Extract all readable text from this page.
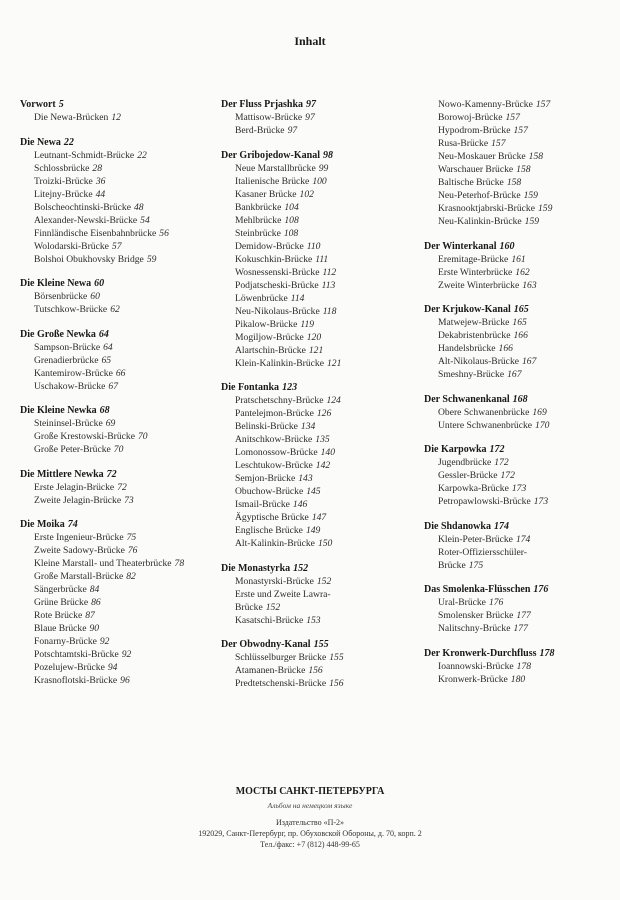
Inhalt
Vorwort 5
Die Newa-Brücken 12
Die Newa 22
Leutnant-Schmidt-Brücke 22
Schlossbrücke 28
Troizki-Brücke 36
Litejny-Brücke 44
Bolscheochtinski-Brücke 48
Alexander-Newski-Brücke 54
Finnländische Eisenbahnbrücke 56
Wolodarski-Brücke 57
Bolshoi Obukhovsky Bridge 59
Die Kleine Newa 60
Börsenbrücke 60
Tutschkow-Brücke 62
Die Große Newka 64
Sampson-Brücke 64
Grenadierbrücke 65
Kantemirow-Brücke 66
Uschakow-Brücke 67
Die Kleine Newka 68
Steininsel-Brücke 69
Große Krestowski-Brücke 70
Große Peter-Brücke 70
Die Mittlere Newka 72
Erste Jelagin-Brücke 72
Zweite Jelagin-Brücke 73
Die Moika 74
Erste Ingenieur-Brücke 75
Zweite Sadowy-Brücke 76
Kleine Marstall- und Theaterbrücke 78
Große Marstall-Brücke 82
Sängerbrücke 84
Grüne Brücke 86
Rote Brücke 87
Blaue Brücke 90
Fonarny-Brücke 92
Potschtamtski-Brücke 92
Pozelujew-Brücke 94
Krasnoflotski-Brücke 96
Der Fluss Prjashka 97
Mattisow-Brücke 97
Berd-Brücke 97
Der Gribojedow-Kanal 98
Neue Marstallbrücke 99
Italienische Brücke 100
Kasaner Brücke 102
Bankbrücke 104
Mehlbrücke 108
Steinbrücke 108
Demidow-Brücke 110
Kokuschkin-Brücke 111
Wosnessenski-Brücke 112
Podjatscheski-Brücke 113
Löwenbrücke 114
Neu-Nikolaus-Brücke 118
Pikalow-Brücke 119
Mogiljow-Brücke 120
Alartschin-Brücke 121
Klein-Kalinkin-Brücke 121
Die Fontanka 123
Pratschetschny-Brücke 124
Pantelejmon-Brücke 126
Belinski-Brücke 134
Anitschkow-Brücke 135
Lomonossow-Brücke 140
Leschtukow-Brücke 142
Semjon-Brücke 143
Obuchow-Brücke 145
Ismail-Brücke 146
Ägyptische Brücke 147
Englische Brücke 149
Alt-Kalinkin-Brücke 150
Die Monastyrka 152
Monastyrski-Brücke 152
Erste und Zweite Lawra-
Brücke 152
Kasatschi-Brücke 153
Der Obwodny-Kanal 155
Schlüsselburger Brücke 155
Atamanen-Brücke 156
Predtetschenski-Brücke 156
Nowo-Kamenny-Brücke 157
Borowoj-Brücke 157
Hypodrom-Brücke 157
Rusa-Brücke 157
Neu-Moskauer Brücke 158
Warschauer Brücke 158
Baltische Brücke 158
Neu-Peterhof-Brücke 159
Krasnooktjabrski-Brücke 159
Neu-Kalinkin-Brücke 159
Der Winterkanal 160
Eremitage-Brücke 161
Erste Winterbrücke 162
Zweite Winterbrücke 163
Der Krjukow-Kanal 165
Matwejew-Brücke 165
Dekabristenbrücke 166
Handelsbrücke 166
Alt-Nikolaus-Brücke 167
Smeshny-Brücke 167
Der Schwanenkanal 168
Obere Schwanenbrücke 169
Untere Schwanenbrücke 170
Die Karpowka 172
Jugendbrücke 172
Gessler-Brücke 172
Karpowka-Brücke 173
Petropawlowski-Brücke 173
Die Shdanowka 174
Klein-Peter-Brücke 174
Roter-Offiziersschüler-
Brücke 175
Das Smolenka-Flüsschen 176
Ural-Brücke 176
Smolensker Brücke 177
Nalitschny-Brücke 177
Der Kronwerk-Durchfluss 178
Ioannowski-Brücke 178
Kronwerk-Brücke 180
МОСТЫ САНКТ-ПЕТЕРБУРГА
Альбом на немецком языке
Издательство «П-2»
192029, Санкт-Петербург, пр. Обуховской Обороны, д. 70, корп. 2
Тел./факс: +7 (812) 448-99-65
